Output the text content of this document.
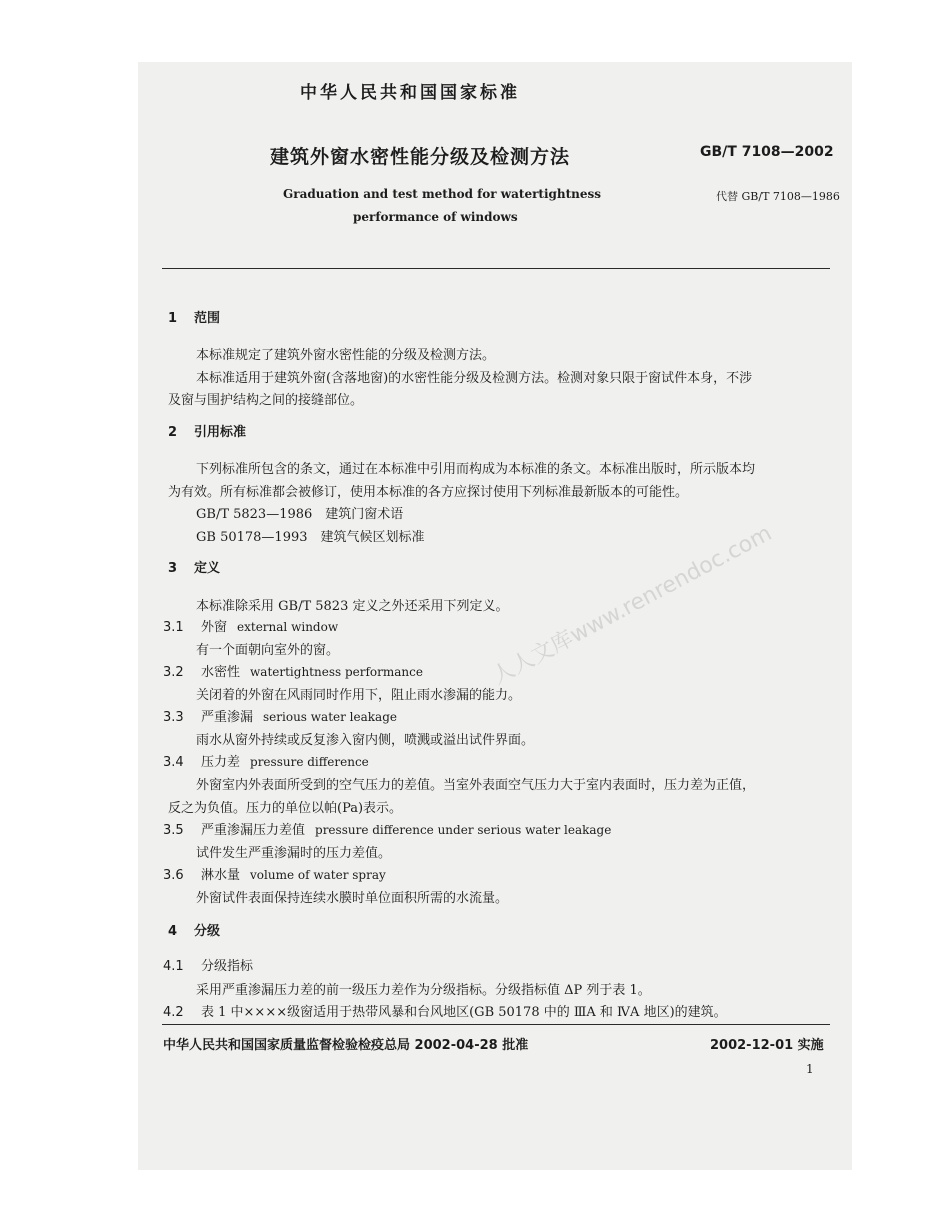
中华人民共和国国家标准
建筑外窗水密性能分级及检测方法	GB/T 7108—2002
Graduation and test method for watertightness
performance of windows
代替 GB/T 7108—1986
人人文库www.renrendoc.com
1 范围
本标准规定了建筑外窗水密性能的分级及检测方法。
本标准适用于建筑外窗(含落地窗)的水密性能分级及检测方法。检测对象只限于窗试件本身，不涉
及窗与围护结构之间的接缝部位。
2 引用标准
下列标准所包含的条文，通过在本标准中引用而构成为本标准的条文。本标准出版时，所示版本均
为有效。所有标准都会被修订，使用本标准的各方应探讨使用下列标准最新版本的可能性。
GB/T 5823—1986　建筑门窗术语
GB 50178—1993　建筑气候区划标准
3 定义
本标准除采用 GB/T 5823 定义之外还采用下列定义。
3.1 外窗 external window
有一个面朝向室外的窗。
3.2 水密性 watertightness performance
关闭着的外窗在风雨同时作用下，阻止雨水渗漏的能力。
3.3 严重渗漏 serious water leakage
雨水从窗外持续或反复渗入窗内侧，喷溅或溢出试件界面。
3.4 压力差 pressure difference
外窗室内外表面所受到的空气压力的差值。当室外表面空气压力大于室内表面时，压力差为正值，
反之为负值。压力的单位以帕(Pa)表示。
3.5 严重渗漏压力差值 pressure difference under serious water leakage
试件发生严重渗漏时的压力差值。
3.6 淋水量 volume of water spray
外窗试件表面保持连续水膜时单位面积所需的水流量。
4 分级
4.1 分级指标
采用严重渗漏压力差的前一级压力差作为分级指标。分级指标值 ΔP 列于表 1。
4.2 表 1 中××××级窗适用于热带风暴和台风地区(GB 50178 中的 ⅢA 和 ⅣA 地区)的建筑。
中华人民共和国国家质量监督检验检疫总局 2002-04-28 批准	2002-12-01 实施
1
